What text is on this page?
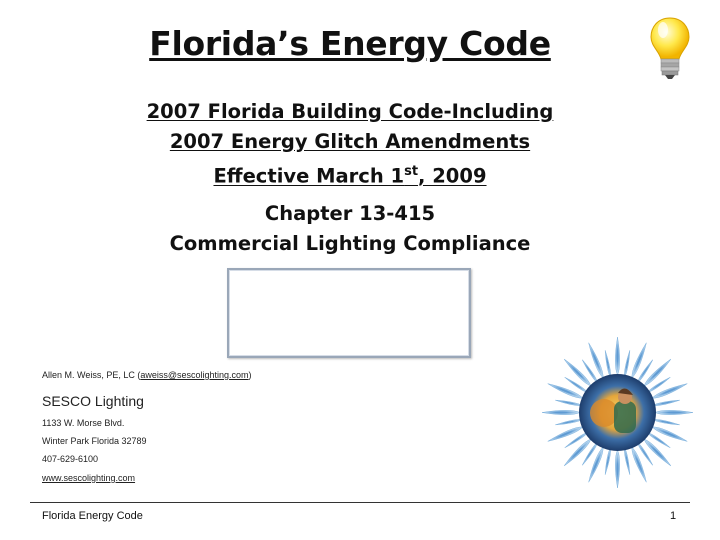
Florida’s Energy Code
2007 Florida Building Code-Including
2007 Energy Glitch Amendments
Effective March 1st, 2009
Chapter 13-415
Commercial Lighting Compliance
Allen M. Weiss, PE, LC (aweiss@sescolighting.com)
SESCO Lighting
1133 W. Morse Blvd.
Winter Park Florida 32789
407-629-6100
www.sescolighting.com
Florida Energy Code	1
